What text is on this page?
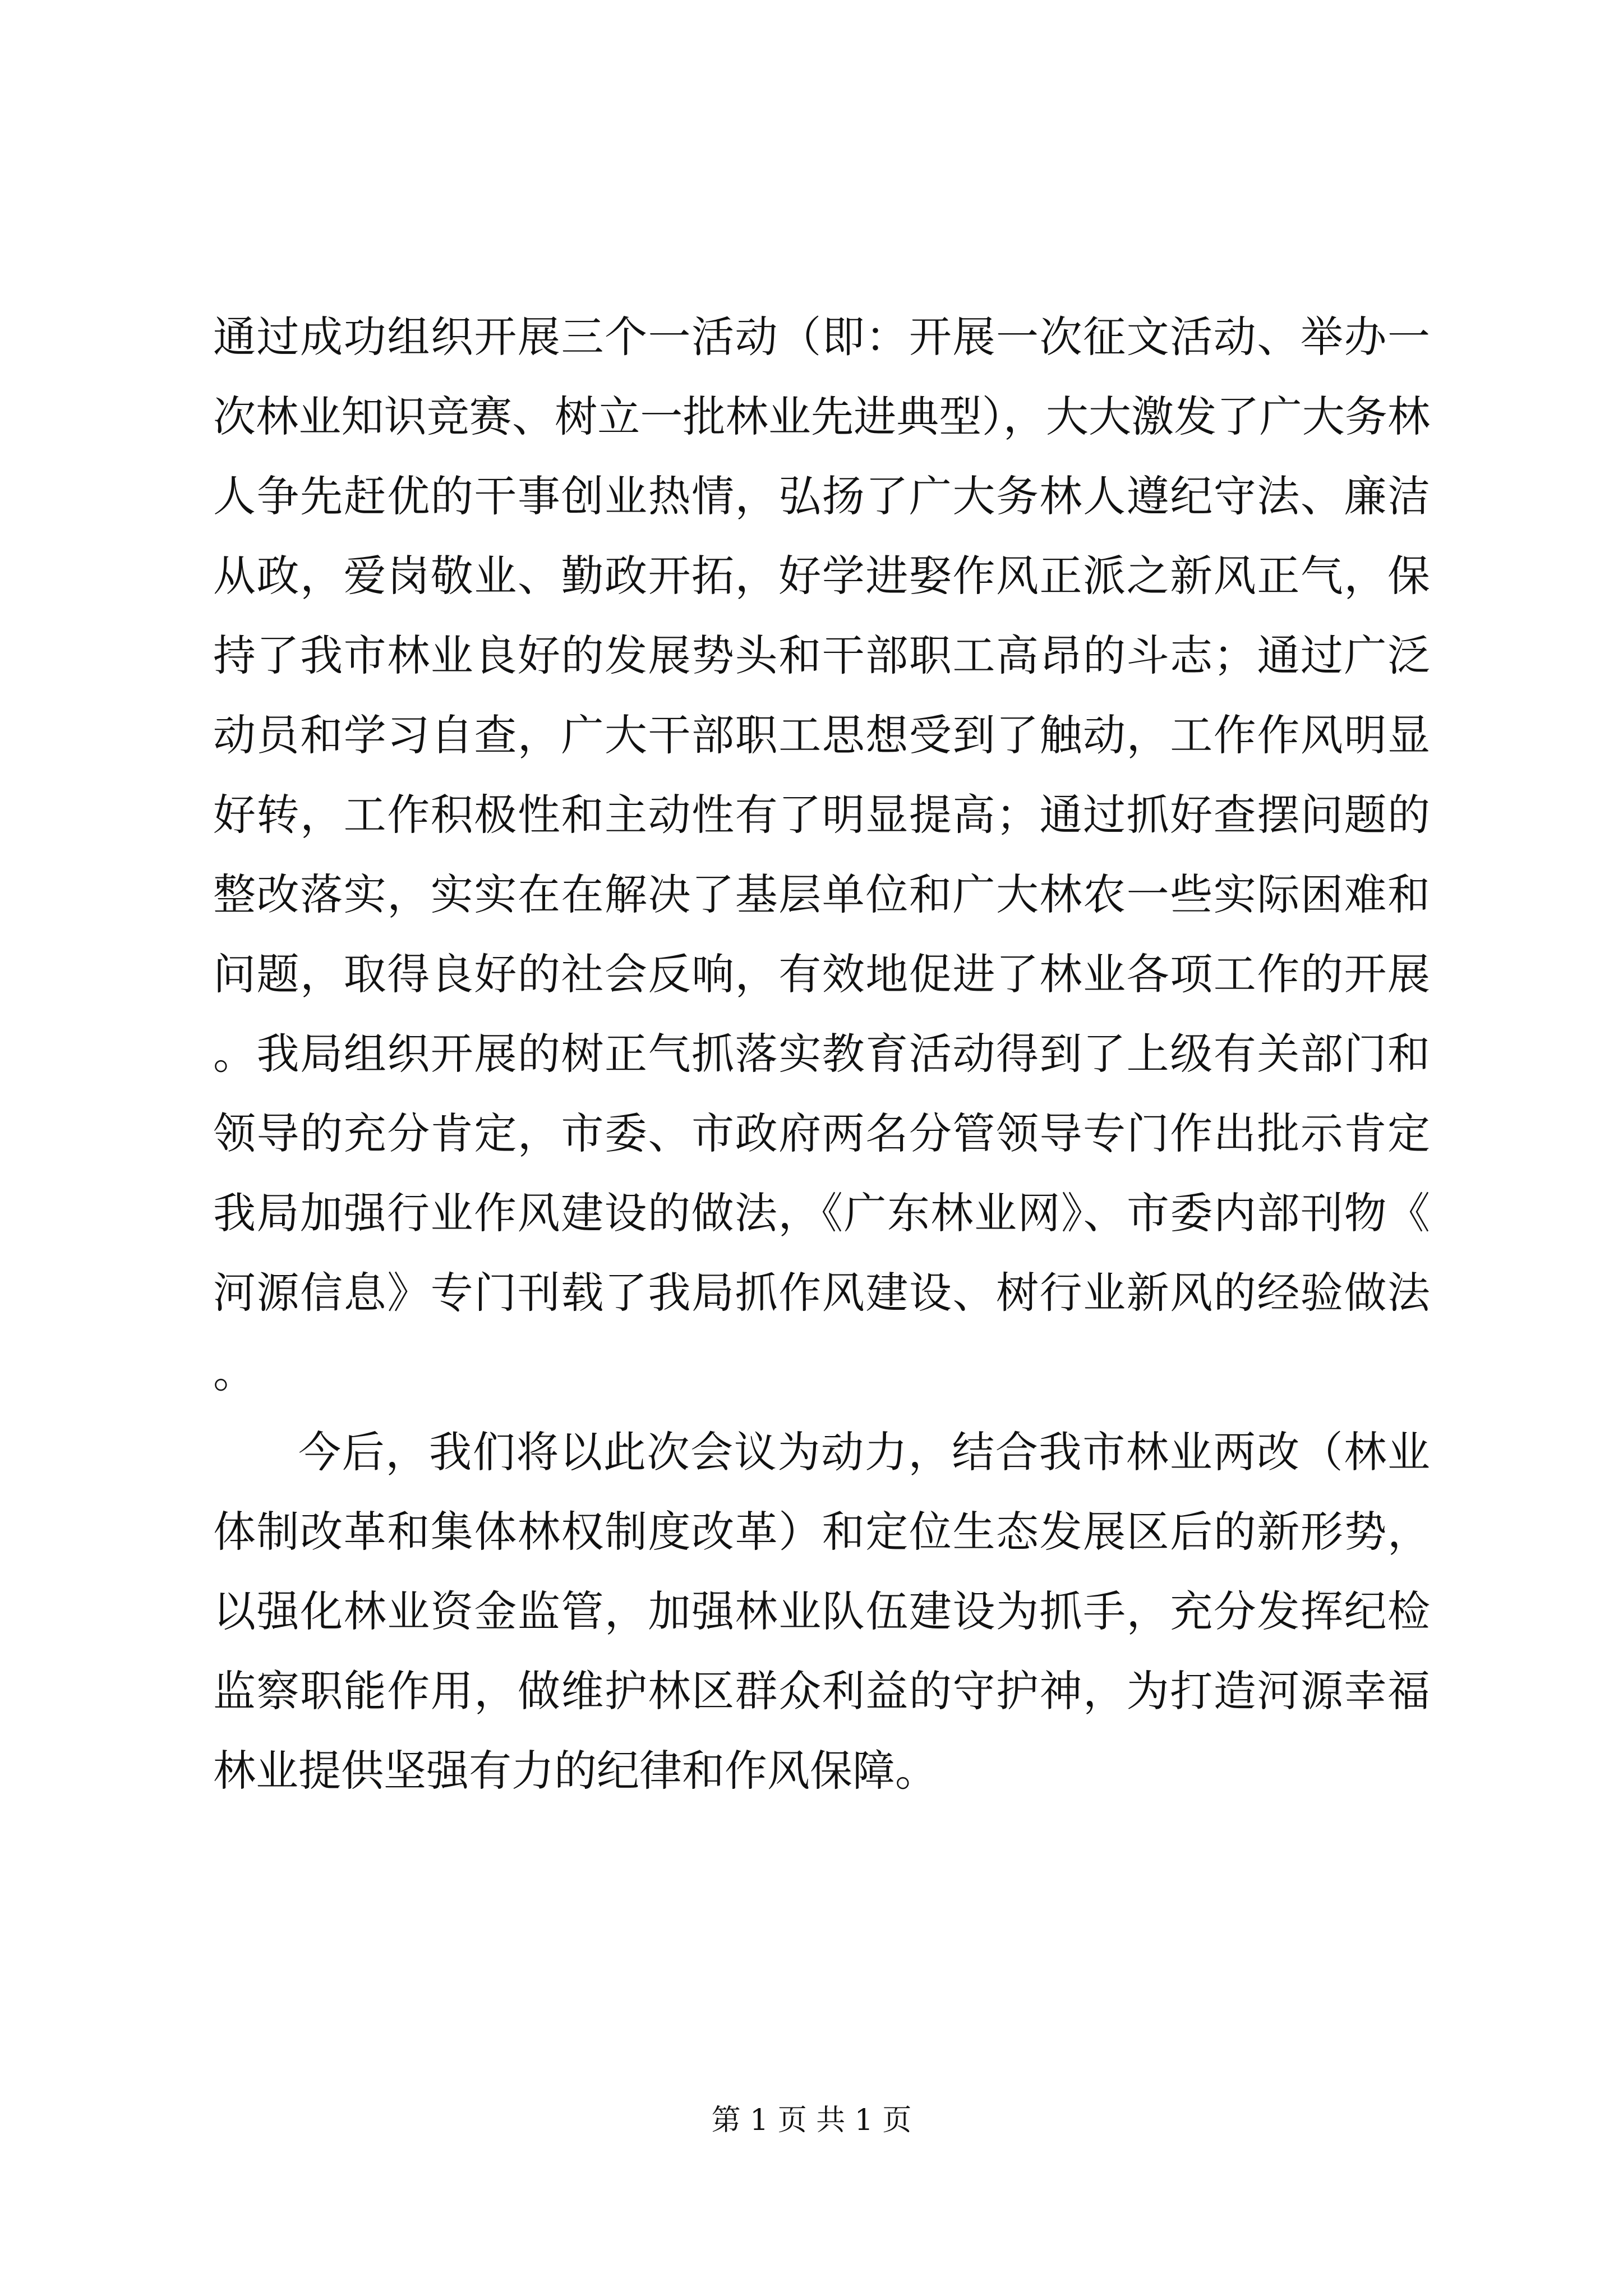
通过成功组织开展三个一活动（即：开展一次征文活动、举办一次林业知识竞赛、树立一批林业先进典型），大大激发了广大务林人争先赶优的干事创业热情，弘扬了广大务林人遵纪守法、廉洁从政，爱岗敬业、勤政开拓，好学进娶作风正派之新风正气，保持了我市林业良好的发展势头和干部职工高昂的斗志；通过广泛动员和学习自查，广大干部职工思想受到了触动，工作作风明显好转，工作积极性和主动性有了明显提高；通过抓好查摆问题的整改落实，实实在在解决了基层单位和广大林农一些实际困难和问题，取得良好的社会反响，有效地促进了林业各项工作的开展。我局组织开展的树正气抓落实教育活动得到了上级有关部门和领导的充分肯定，市委、市政府两名分管领导专门作出批示肯定我局加强行业作风建设的做法，《广东林业网》、市委内部刊物《河源信息》专门刊载了我局抓作风建设、树行业新风的经验做法。

今后，我们将以此次会议为动力，结合我市林业两改（林业体制改革和集体林权制度改革）和定位生态发展区后的新形势，以强化林业资金监管，加强林业队伍建设为抓手，充分发挥纪检监察职能作用，做维护林区群众利益的守护神，为打造河源幸福林业提供坚强有力的纪律和作风保障。

第 1 页 共 1 页
